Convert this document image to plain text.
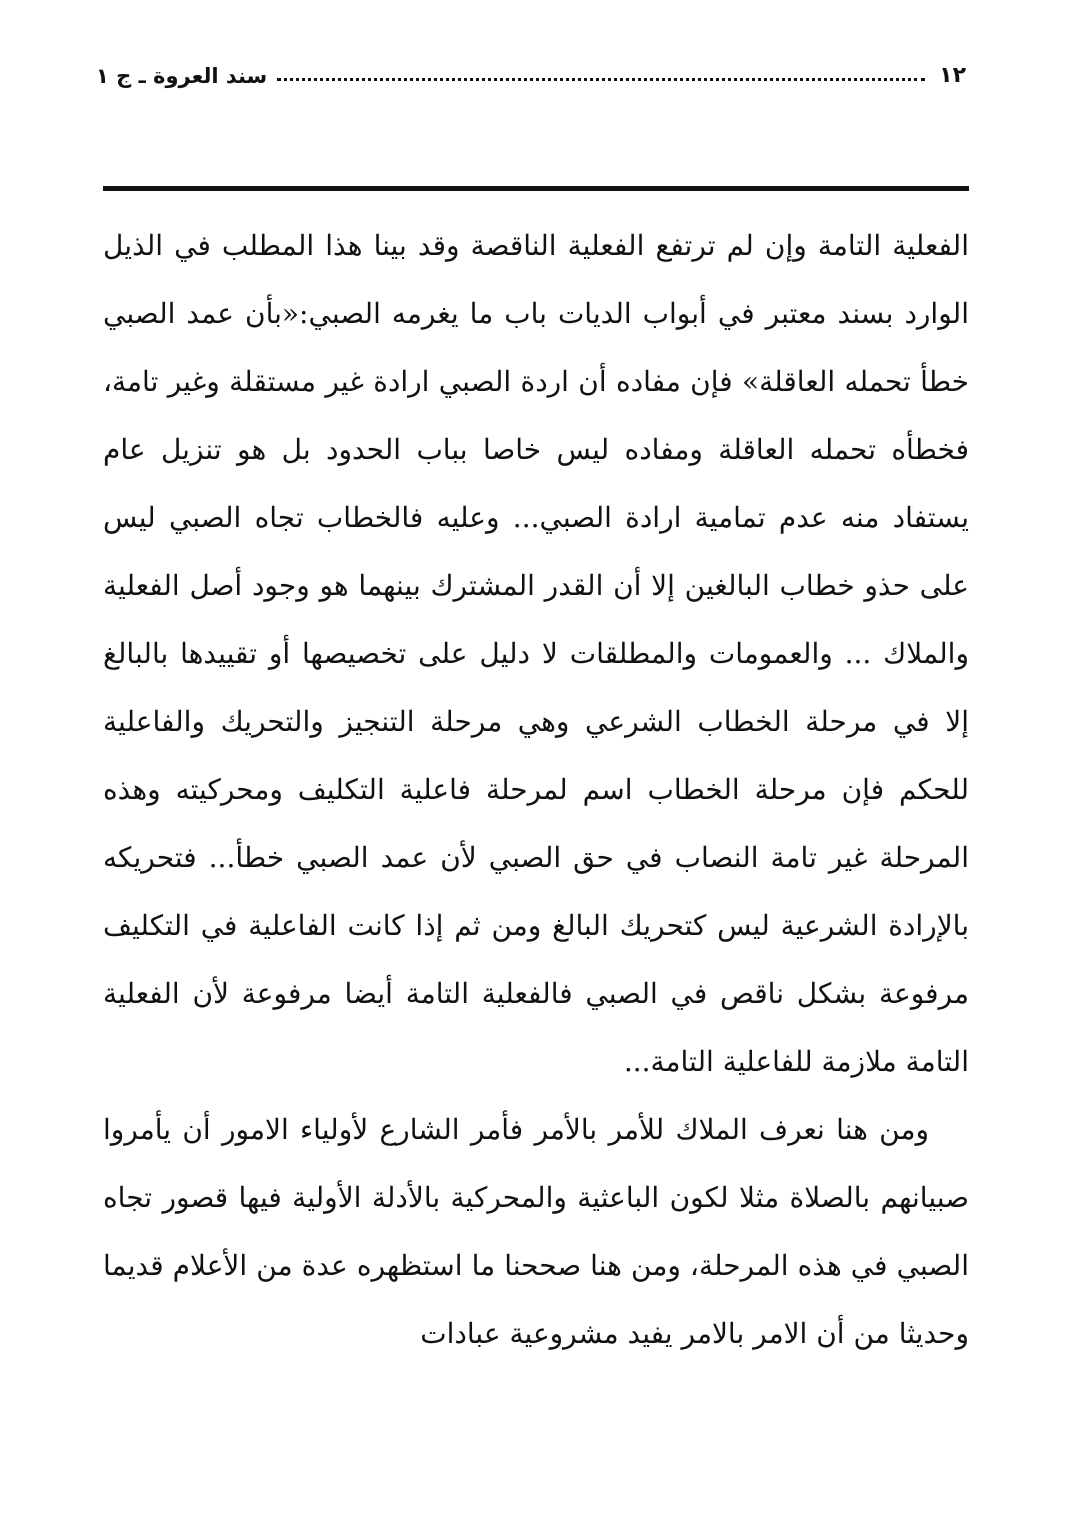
١٢
سند العروة ـ ج ١

الفعلية التامة وإن لم ترتفع الفعلية الناقصة وقد بينا هذا المطلب في الذيل الوارد بسند معتبر في أبواب الديات باب ما يغرمه الصبي:«بأن عمد الصبي خطأ تحمله العاقلة» فإن مفاده أن اردة الصبي ارادة غير مستقلة وغير تامة، فخطأه تحمله العاقلة ومفاده ليس خاصا بباب الحدود بل هو تنزيل عام يستفاد منه عدم تمامية ارادة الصبي... وعليه فالخطاب تجاه الصبي ليس على حذو خطاب البالغين إلا أن القدر المشترك بينهما هو وجود أصل الفعلية والملاك ... والعمومات والمطلقات لا دليل على تخصيصها أو تقييدها بالبالغ إلا في مرحلة الخطاب الشرعي وهي مرحلة التنجيز والتحريك والفاعلية للحكم فإن مرحلة الخطاب اسم لمرحلة فاعلية التكليف ومحركيته وهذه المرحلة غير تامة النصاب في حق الصبي لأن عمد الصبي خطأ... فتحريكه بالإرادة الشرعية ليس كتحريك البالغ ومن ثم إذا كانت الفاعلية في التكليف مرفوعة بشكل ناقص في الصبي فالفعلية التامة أيضا مرفوعة لأن الفعلية التامة ملازمة للفاعلية التامة...

ومن هنا نعرف الملاك للأمر بالأمر فأمر الشارع لأولياء الامور أن يأمروا صبيانهم بالصلاة مثلا لكون الباعثية والمحركية بالأدلة الأولية فيها قصور تجاه الصبي في هذه المرحلة، ومن هنا صححنا ما استظهره عدة من الأعلام قديما وحديثا من أن الامر بالامر يفيد مشروعية عبادات
